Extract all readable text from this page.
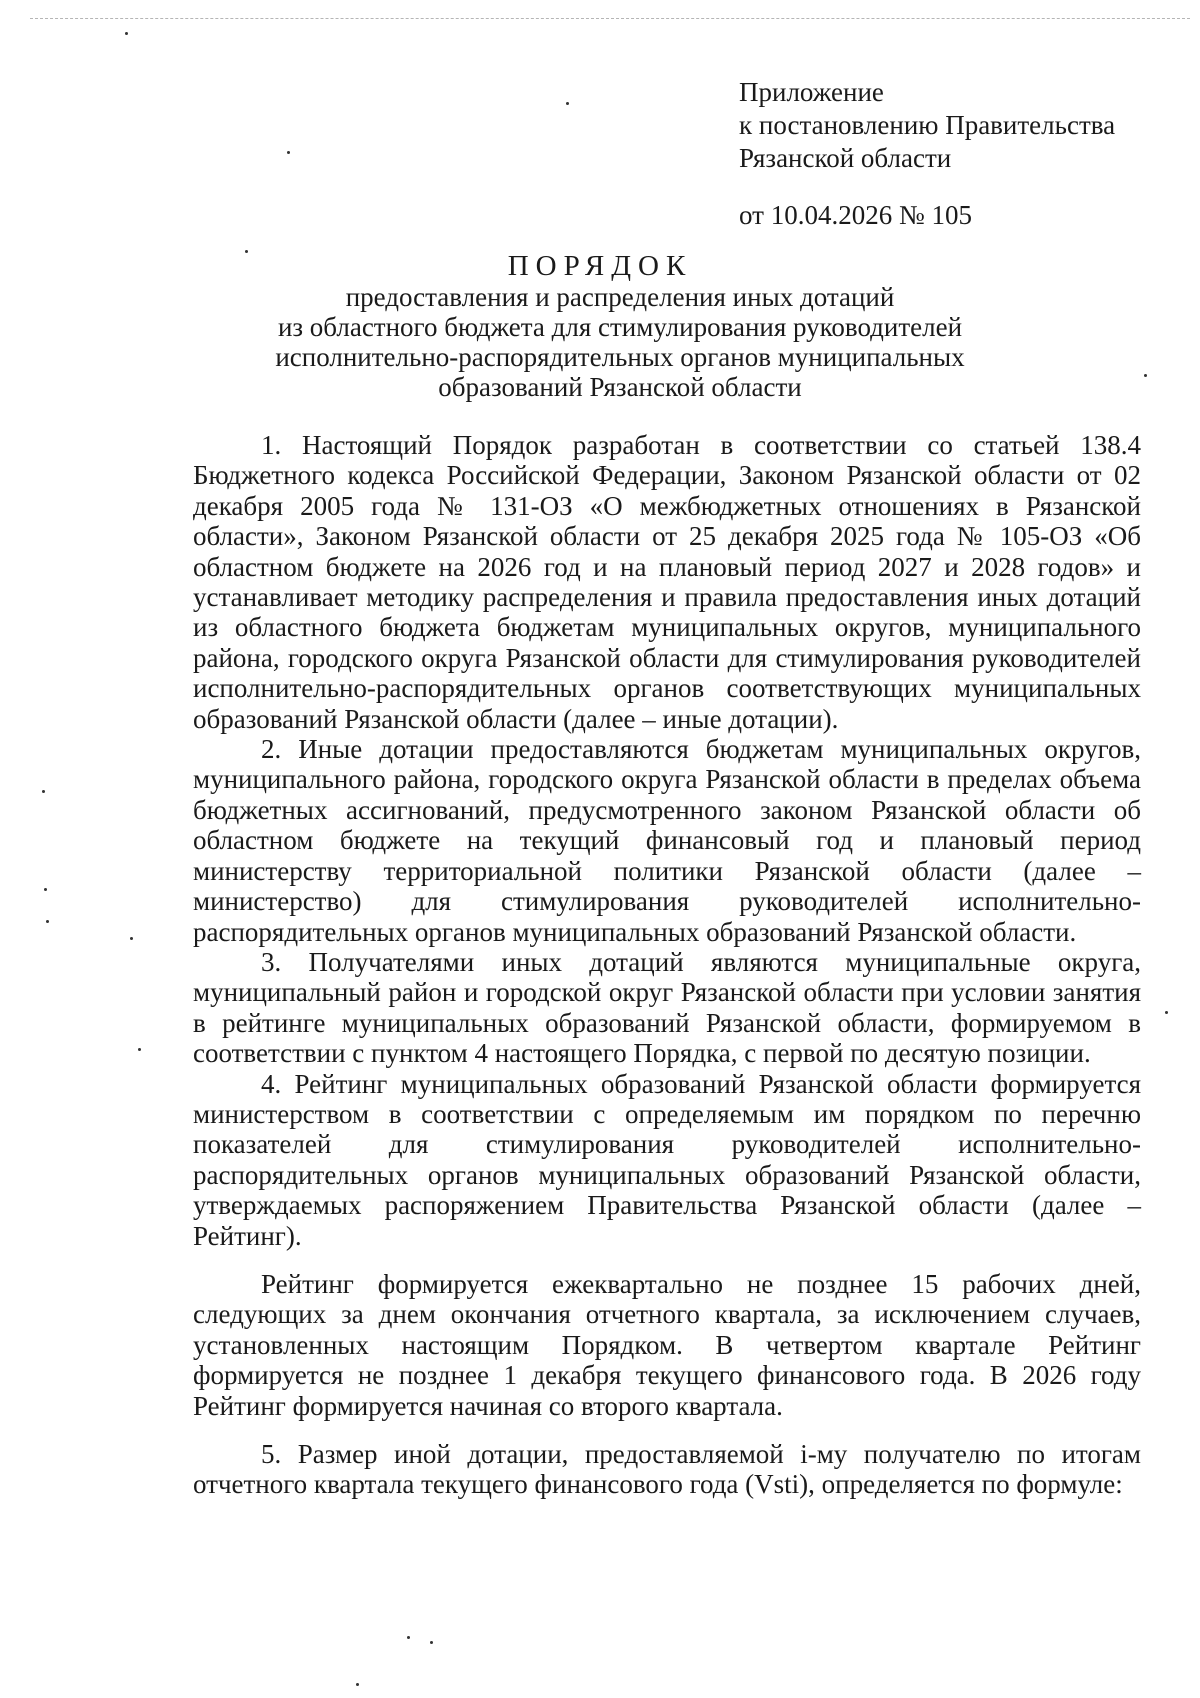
Приложение
к постановлению Правительства
Рязанской области
от 10.04.2026 № 105
ПОРЯДОК
предоставления и распределения иных дотаций
из областного бюджета для стимулирования руководителей
исполнительно-распорядительных органов муниципальных
образований Рязанской области

1. Настоящий Порядок разработан в соответствии со статьей 138.4 Бюджетного кодекса Российской Федерации, Законом Рязанской области от 02 декабря 2005 года № 131-ОЗ «О межбюджетных отношениях в Рязанской области», Законом Рязанской области от 25 декабря 2025 года № 105-ОЗ «Об областном бюджете на 2026 год и на плановый период 2027 и 2028 годов» и устанавливает методику распределения и правила предоставления иных дотаций из областного бюджета бюджетам муниципальных округов, муниципального района, городского округа Рязанской области для стимулирования руководителей исполнительно-распорядительных органов соответствующих муниципальных образований Рязанской области (далее – иные дотации).

2. Иные дотации предоставляются бюджетам муниципальных округов, муниципального района, городского округа Рязанской области в пределах объема бюджетных ассигнований, предусмотренного законом Рязанской области об областном бюджете на текущий финансовый год и плановый период министерству территориальной политики Рязанской области (далее – министерство) для стимулирования руководителей исполнительно-распорядительных органов муниципальных образований Рязанской области.

3. Получателями иных дотаций являются муниципальные округа, муниципальный район и городской округ Рязанской области при условии занятия в рейтинге муниципальных образований Рязанской области, формируемом в соответствии с пунктом 4 настоящего Порядка, с первой по десятую позиции.

4. Рейтинг муниципальных образований Рязанской области формируется министерством в соответствии с определяемым им порядком по перечню показателей для стимулирования руководителей исполнительно-распорядительных органов муниципальных образований Рязанской области, утверждаемых распоряжением Правительства Рязанской области (далее – Рейтинг).

Рейтинг формируется ежеквартально не позднее 15 рабочих дней, следующих за днем окончания отчетного квартала, за исключением случаев, установленных настоящим Порядком. В четвертом квартале Рейтинг формируется не позднее 1 декабря текущего финансового года. В 2026 году Рейтинг формируется начиная со второго квартала.

5. Размер иной дотации, предоставляемой i-му получателю по итогам отчетного квартала текущего финансового года (Vsti), определяется по формуле:
